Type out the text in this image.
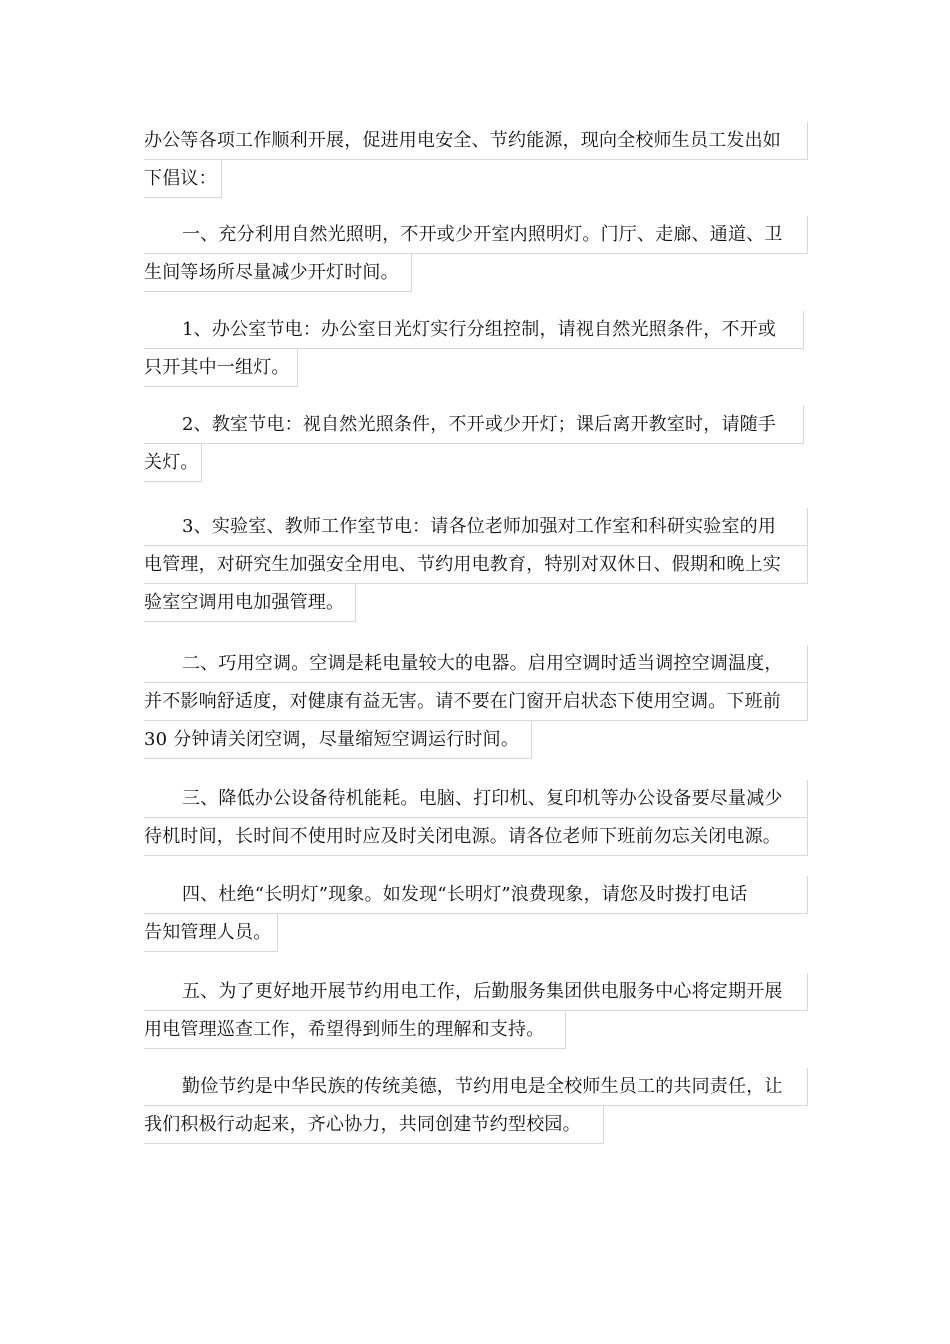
办公等各项工作顺利开展，促进用电安全、节约能源，现向全校师生员工发出如
下倡议：
一、充分利用自然光照明，不开或少开室内照明灯。门厅、走廊、通道、卫
生间等场所尽量减少开灯时间。
1、办公室节电：办公室日光灯实行分组控制，请视自然光照条件，不开或
只开其中一组灯。
2、教室节电：视自然光照条件，不开或少开灯；课后离开教室时，请随手
关灯。
3、实验室、教师工作室节电：请各位老师加强对工作室和科研实验室的用
电管理，对研究生加强安全用电、节约用电教育，特别对双休日、假期和晚上实
验室空调用电加强管理。
二、巧用空调。空调是耗电量较大的电器。启用空调时适当调控空调温度，
并不影响舒适度，对健康有益无害。请不要在门窗开启状态下使用空调。下班前
30 分钟请关闭空调，尽量缩短空调运行时间。
三、降低办公设备待机能耗。电脑、打印机、复印机等办公设备要尽量减少
待机时间，长时间不使用时应及时关闭电源。请各位老师下班前勿忘关闭电源。
四、杜绝“长明灯”现象。如发现“长明灯”浪费现象，请您及时拨打电话
告知管理人员。
五、为了更好地开展节约用电工作，后勤服务集团供电服务中心将定期开展
用电管理巡查工作，希望得到师生的理解和支持。
勤俭节约是中华民族的传统美德，节约用电是全校师生员工的共同责任，让
我们积极行动起来，齐心协力，共同创建节约型校园。
